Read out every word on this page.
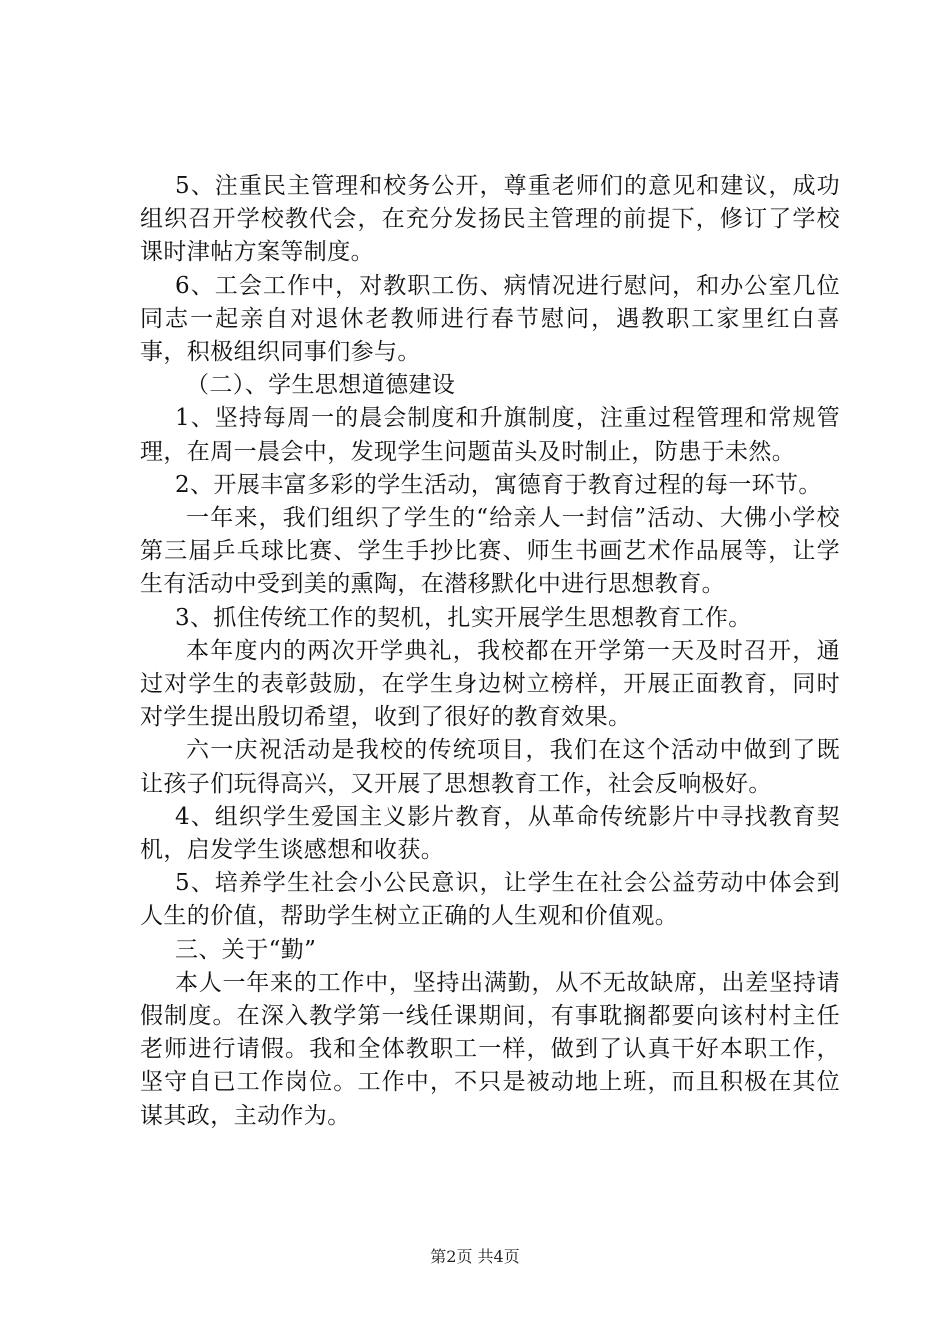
5、注重民主管理和校务公开，尊重老师们的意见和建议，成功组织召开学校教代会，在充分发扬民主管理的前提下，修订了学校课时津帖方案等制度。

6、工会工作中，对教职工伤、病情况进行慰问，和办公室几位同志一起亲自对退休老教师进行春节慰问，遇教职工家里红白喜事，积极组织同事们参与。

（二）、学生思想道德建设

1、坚持每周一的晨会制度和升旗制度，注重过程管理和常规管理，在周一晨会中，发现学生问题苗头及时制止，防患于未然。

2、开展丰富多彩的学生活动，寓德育于教育过程的每一环节。

一年来，我们组织了学生的“给亲人一封信”活动、大佛小学校第三届乒乓球比赛、学生手抄比赛、师生书画艺术作品展等，让学生有活动中受到美的熏陶，在潜移默化中进行思想教育。

3、抓住传统工作的契机，扎实开展学生思想教育工作。

本年度内的两次开学典礼，我校都在开学第一天及时召开，通过对学生的表彰鼓励，在学生身边树立榜样，开展正面教育，同时对学生提出殷切希望，收到了很好的教育效果。

六一庆祝活动是我校的传统项目，我们在这个活动中做到了既让孩子们玩得高兴，又开展了思想教育工作，社会反响极好。

4、组织学生爱国主义影片教育，从革命传统影片中寻找教育契机，启发学生谈感想和收获。

5、培养学生社会小公民意识，让学生在社会公益劳动中体会到人生的价值，帮助学生树立正确的人生观和价值观。

三、关于“勤”

本人一年来的工作中，坚持出满勤，从不无故缺席，出差坚持请假制度。在深入教学第一线任课期间，有事耽搁都要向该村村主任老师进行请假。我和全体教职工一样，做到了认真干好本职工作，坚守自已工作岗位。工作中，不只是被动地上班，而且积极在其位谋其政，主动作为。

第2页 共4页
